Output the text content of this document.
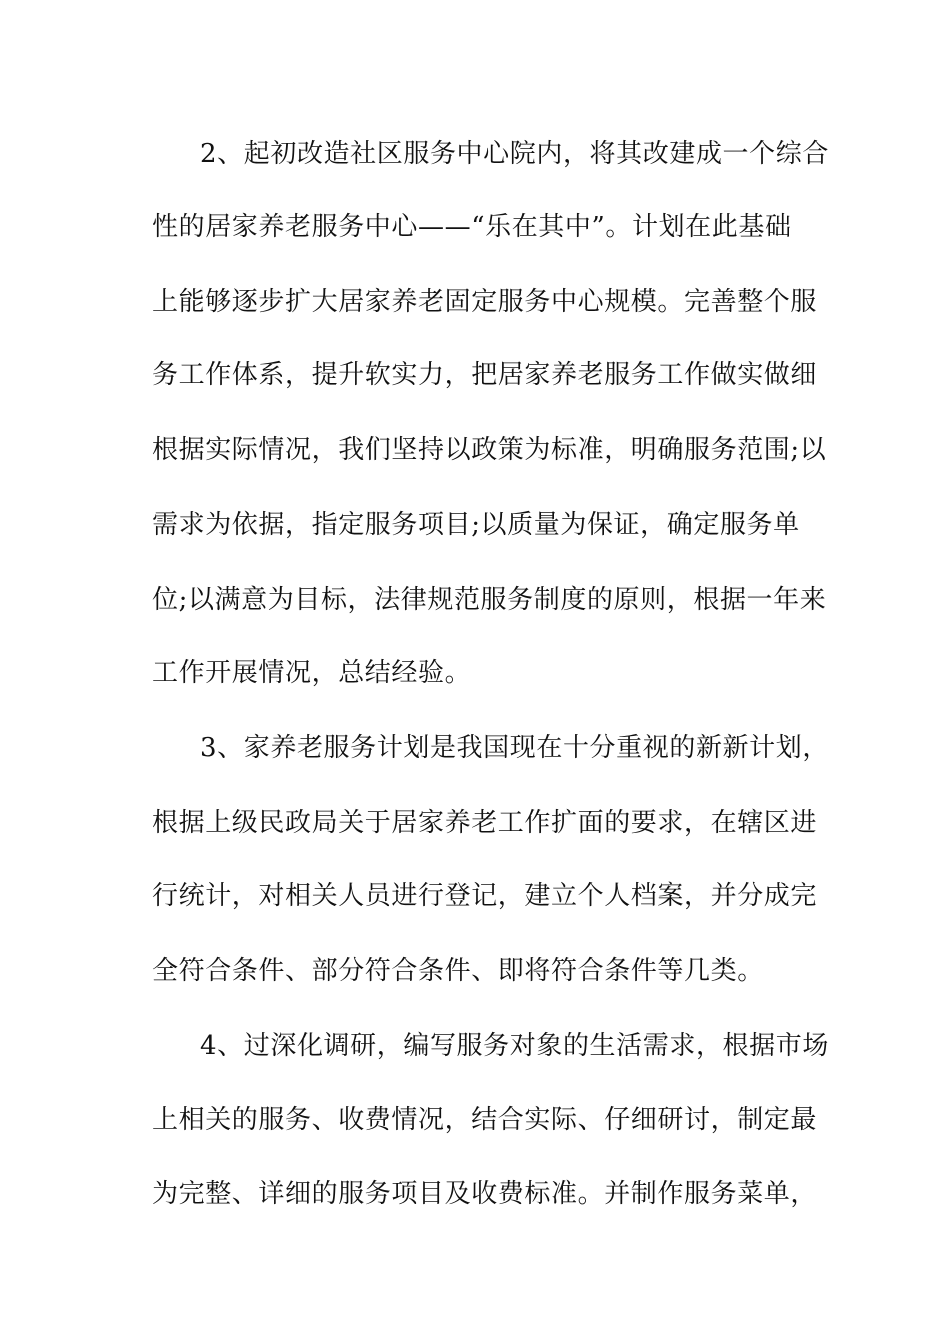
2、起初改造社区服务中心院内，将其改建成一个综合
性的居家养老服务中心——“乐在其中”。计划在此基础
上能够逐步扩大居家养老固定服务中心规模。完善整个服
务工作体系，提升软实力，把居家养老服务工作做实做细
根据实际情况，我们坚持以政策为标准，明确服务范围;以
需求为依据，指定服务项目;以质量为保证，确定服务单
位;以满意为目标，法律规范服务制度的原则，根据一年来
工作开展情况，总结经验。
3、家养老服务计划是我国现在十分重视的新新计划，
根据上级民政局关于居家养老工作扩面的要求，在辖区进
行统计，对相关人员进行登记，建立个人档案，并分成完
全符合条件、部分符合条件、即将符合条件等几类。
4、过深化调研，编写服务对象的生活需求，根据市场
上相关的服务、收费情况，结合实际、仔细研讨，制定最
为完整、详细的服务项目及收费标准。并制作服务菜单，
